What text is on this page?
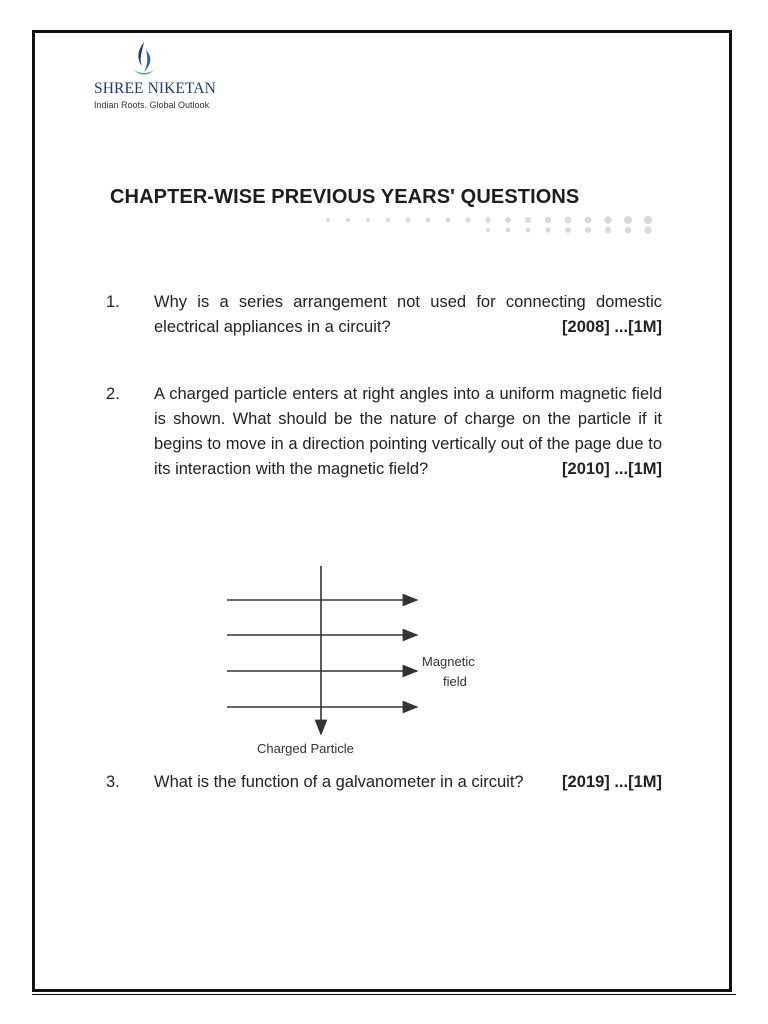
SHREE NIKETAN

Indian Roots. Global Outlook

CHAPTER-WISE PREVIOUS YEARS' QUESTIONS

1. Why is a series arrangement not used for connecting domestic electrical appliances in a circuit?	[2008] ...[1M]

2. A charged particle enters at right angles into a uniform magnetic field is shown. What should be the nature of charge on the particle if it begins to move in a direction pointing vertically out of the page due to its interaction with the magnetic field?	[2010] ...[1M]

3. What is the function of a galvanometer in a circuit? [2019] ...[1M]

Magnetic
field
Charged Particle
